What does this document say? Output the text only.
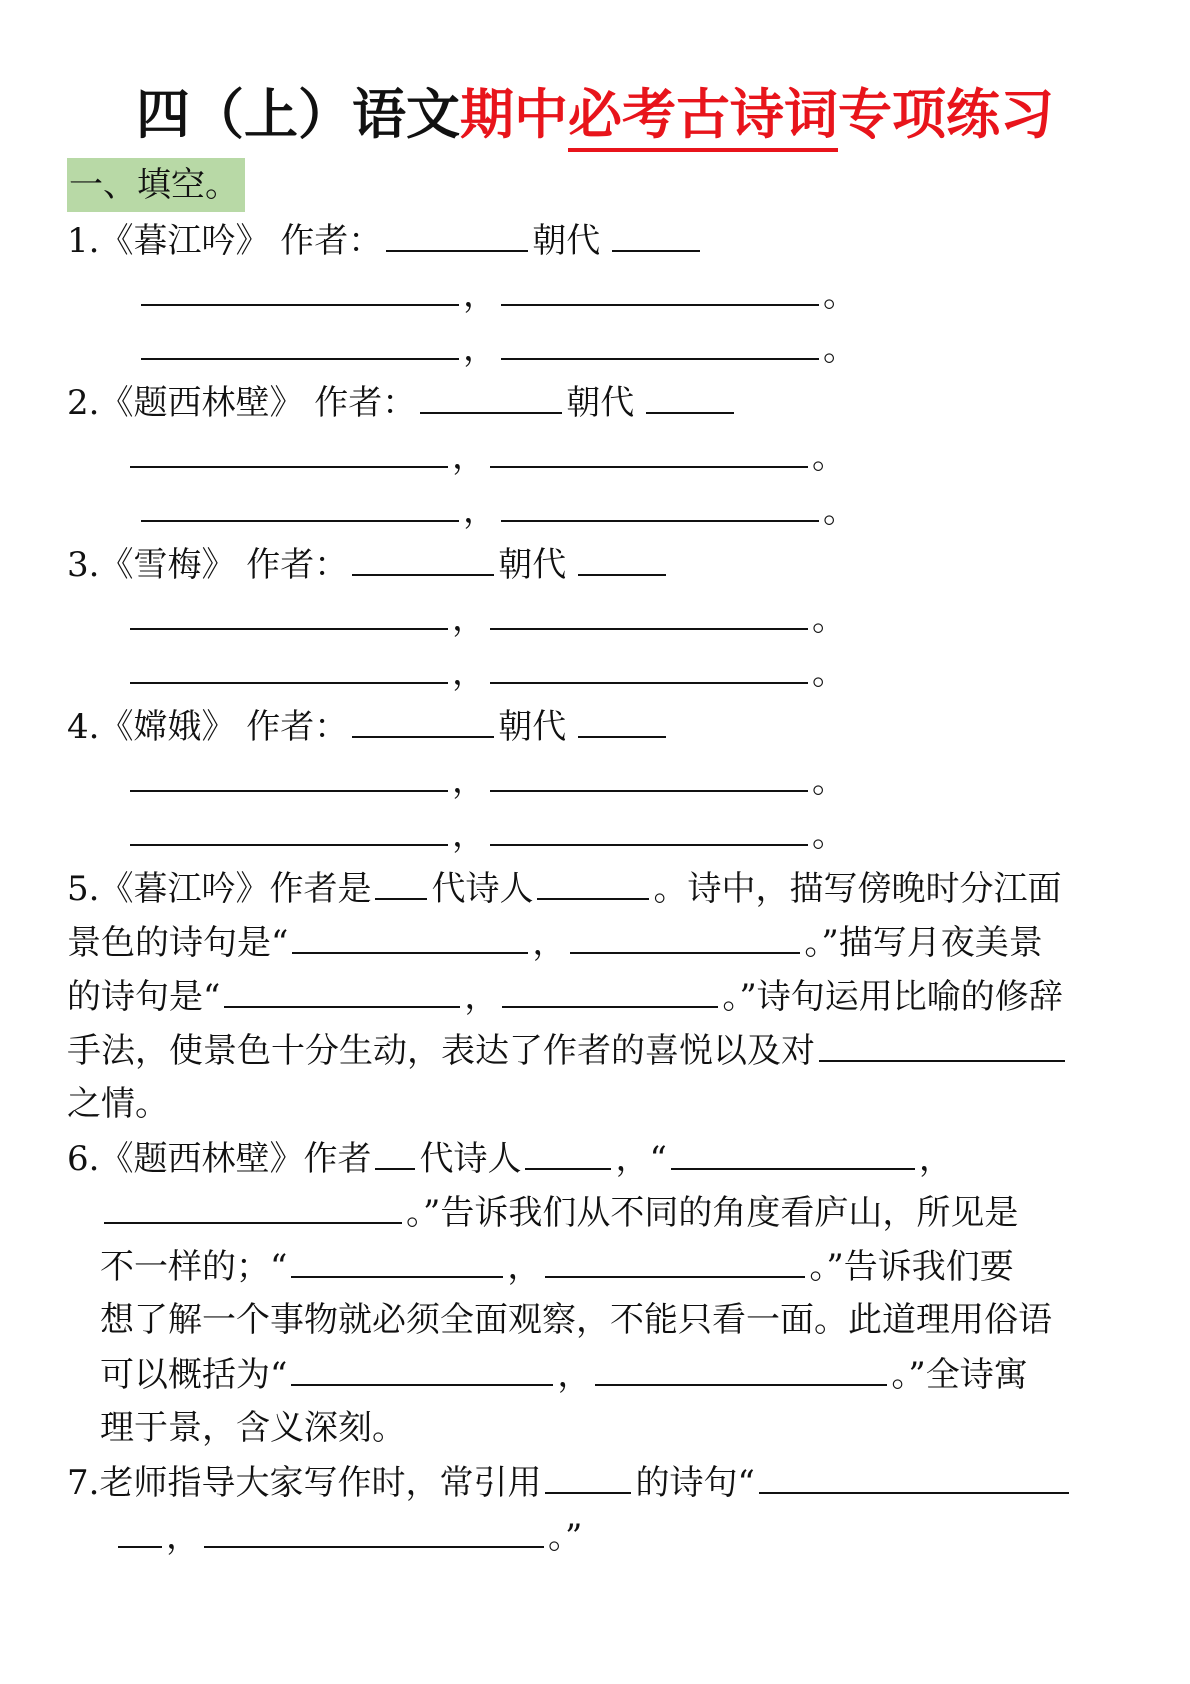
四（上）语文期中必考古诗词专项练习
一、填空。
1.《暮江吟》 作者：	朝代
，	。
，	。
2.《题西林壁》 作者：	朝代
，	。
，	。
3.《雪梅》 作者：	朝代
，	。
，	。
4.《嫦娥》 作者：	朝代
，	。
，	。
5.《暮江吟》作者是 代诗人	。诗中，描写傍晚时分江面
景色的诗句是“	，	。”描写月夜美景
的诗句是“	，	。”诗句运用比喻的修辞
手法，使景色十分生动，表达了作者的喜悦以及对
之情。
6.《题西林壁》作者 代诗人	，“	，
。”告诉我们从不同的角度看庐山，所见是
不一样的；“	，	。”告诉我们要
想了解一个事物就必须全面观察，不能只看一面。此道理用俗语
可以概括为“	，	。”全诗寓
理于景，含义深刻。
7.老师指导大家写作时，常引用	的诗句“
，	。”
